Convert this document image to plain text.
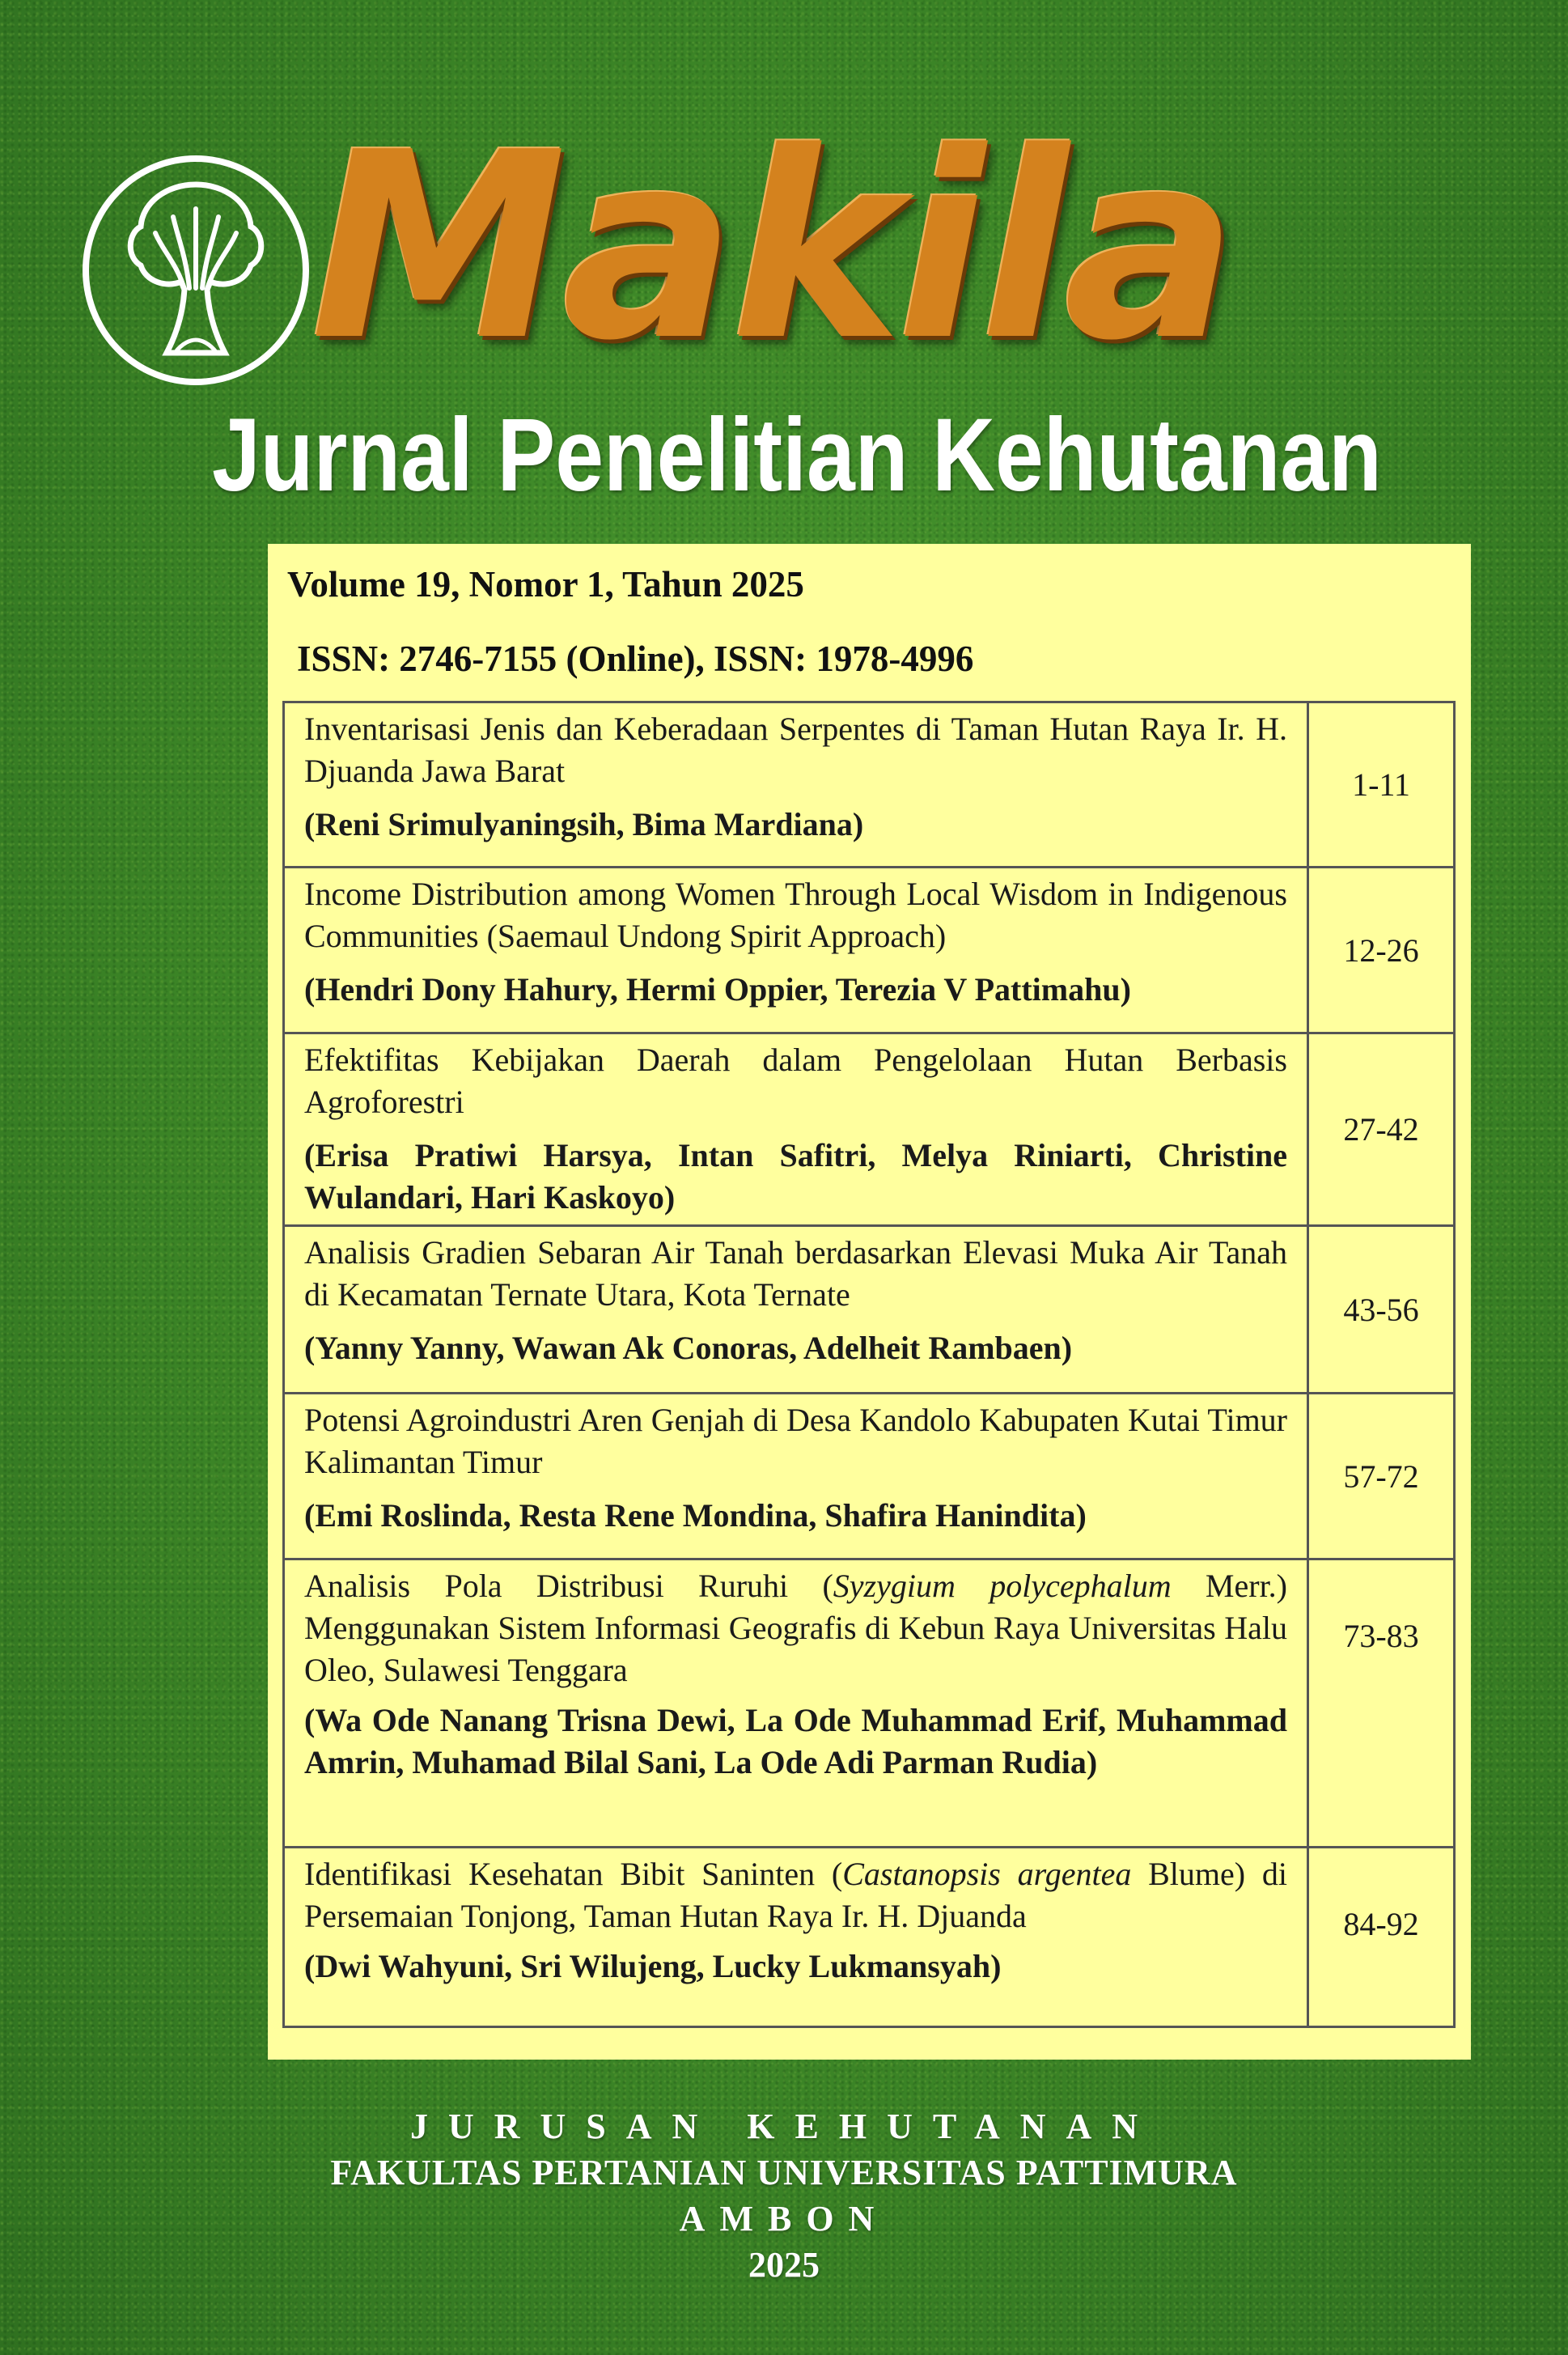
Makila
Jurnal Penelitian Kehutanan
Volume 19, Nomor 1, Tahun 2025
ISSN: 2746-7155 (Online), ISSN: 1978-4996

Inventarisasi Jenis dan Keberadaan Serpentes di Taman Hutan Raya Ir. H. Djuanda Jawa Barat

(Reni Srimulyaningsih, Bima Mardiana)	1-11

Income Distribution among Women Through Local Wisdom in Indigenous Communities (Saemaul Undong Spirit Approach)

(Hendri Dony Hahury, Hermi Oppier, Terezia V Pattimahu)	12-26

Efektifitas Kebijakan Daerah dalam Pengelolaan Hutan Berbasis Agroforestri

(Erisa Pratiwi Harsya, Intan Safitri, Melya Riniarti, Christine Wulandari, Hari Kaskoyo)	27-42

Analisis Gradien Sebaran Air Tanah berdasarkan Elevasi Muka Air Tanah di Kecamatan Ternate Utara, Kota Ternate

(Yanny Yanny, Wawan Ak Conoras, Adelheit Rambaen)	43-56

Potensi Agroindustri Aren Genjah di Desa Kandolo Kabupaten Kutai Timur Kalimantan Timur

(Emi Roslinda, Resta Rene Mondina, Shafira Hanindita)	57-72

Analisis Pola Distribusi Ruruhi (Syzygium polycephalum Merr.) Menggunakan Sistem Informasi Geografis di Kebun Raya Universitas Halu Oleo, Sulawesi Tenggara

(Wa Ode Nanang Trisna Dewi, La Ode Muhammad Erif, Muhammad Amrin, Muhamad Bilal Sani, La Ode Adi Parman Rudia)	73-83

Identifikasi Kesehatan Bibit Saninten (Castanopsis argentea Blume) di Persemaian Tonjong, Taman Hutan Raya Ir. H. Djuanda

(Dwi Wahyuni, Sri Wilujeng, Lucky Lukmansyah)	84-92
JURUSAN KEHUTANAN
FAKULTAS PERTANIAN UNIVERSITAS PATTIMURA
AMBON
2025
